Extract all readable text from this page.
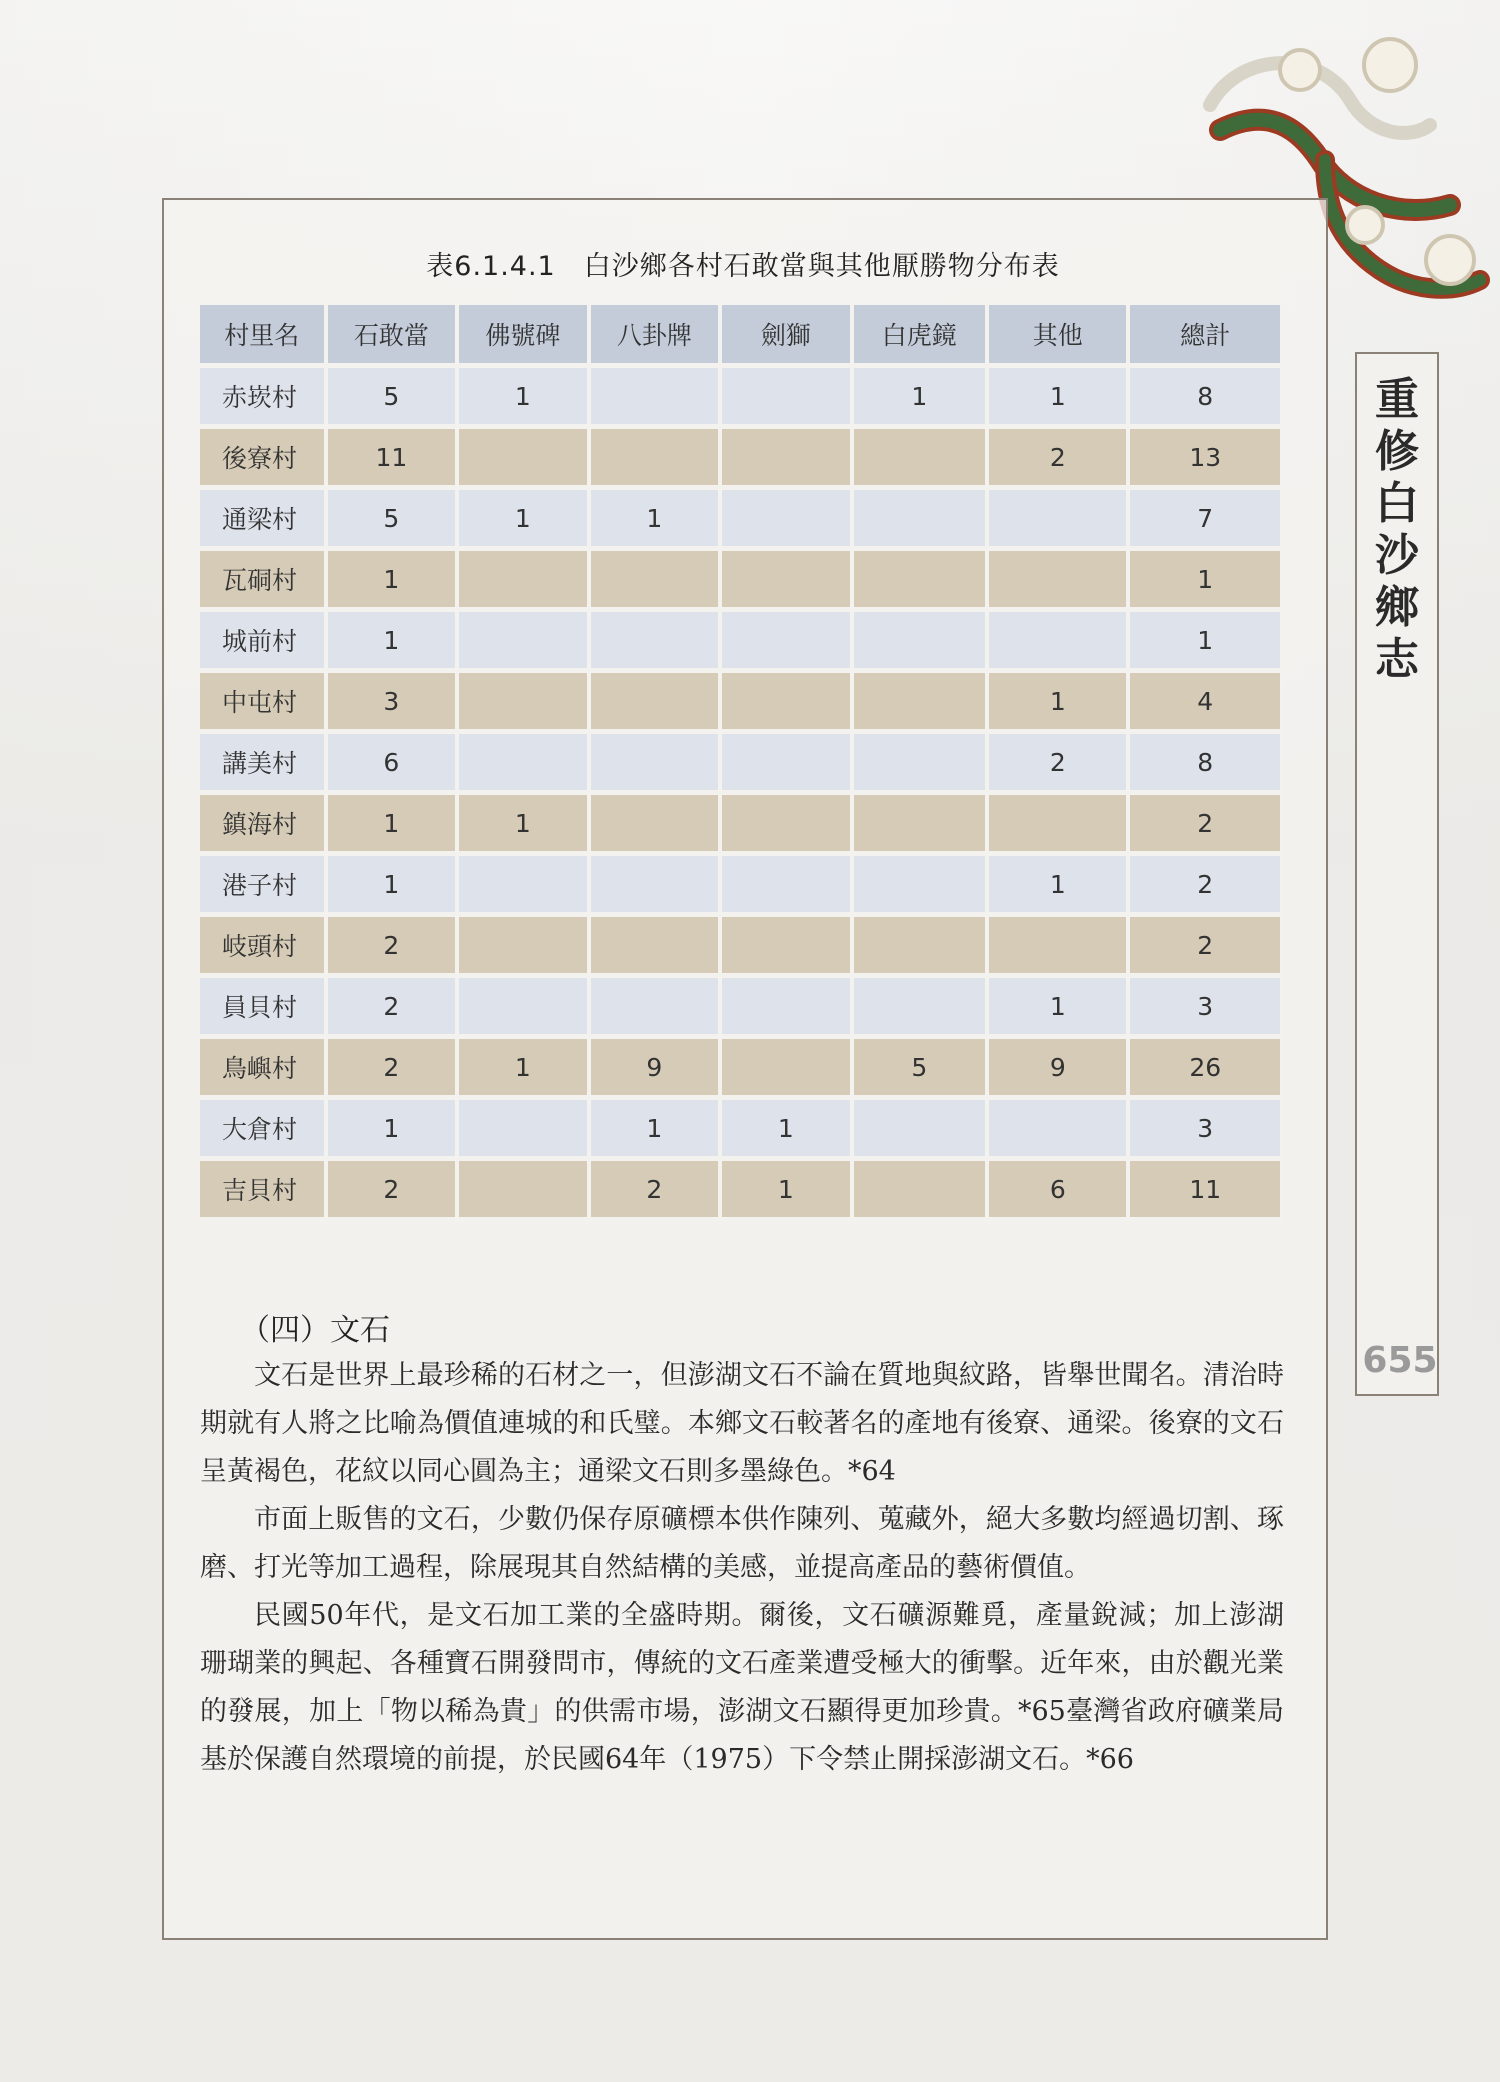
表6.1.4.1　白沙鄉各村石敢當與其他厭勝物分布表
村里名	石敢當	佛號碑	八卦牌	劍獅	白虎鏡	其他	總計
赤崁村	5	1			1	1	8
後寮村	11					2	13
通梁村	5	1	1				7
瓦硐村	1						1
城前村	1						1
中屯村	3					1	4
講美村	6					2	8
鎮海村	1	1					2
港子村	1					1	2
岐頭村	2						2
員貝村	2					1	3
鳥嶼村	2	1	9		5	9	26
大倉村	1		1	1			3
吉貝村	2		2	1		6	11
（四）文石

文石是世界上最珍稀的石材之一，但澎湖文石不論在質地與紋路，皆舉世聞名。清治時期就有人將之比喻為價值連城的和氏璧。本鄉文石較著名的產地有後寮、通梁。後寮的文石呈黃褐色，花紋以同心圓為主；通梁文石則多墨綠色。*64

市面上販售的文石，少數仍保存原礦標本供作陳列、蒐藏外，絕大多數均經過切割、琢磨、打光等加工過程，除展現其自然結構的美感，並提高產品的藝術價值。

民國50年代，是文石加工業的全盛時期。爾後，文石礦源難覓，產量銳減；加上澎湖珊瑚業的興起、各種寶石開發問市，傳統的文石產業遭受極大的衝擊。近年來，由於觀光業的發展，加上「物以稀為貴」的供需市場，澎湖文石顯得更加珍貴。*65臺灣省政府礦業局基於保護自然環境的前提，於民國64年（1975）下令禁止開採澎湖文石。*66

重
修
白
沙
鄉
志
655
